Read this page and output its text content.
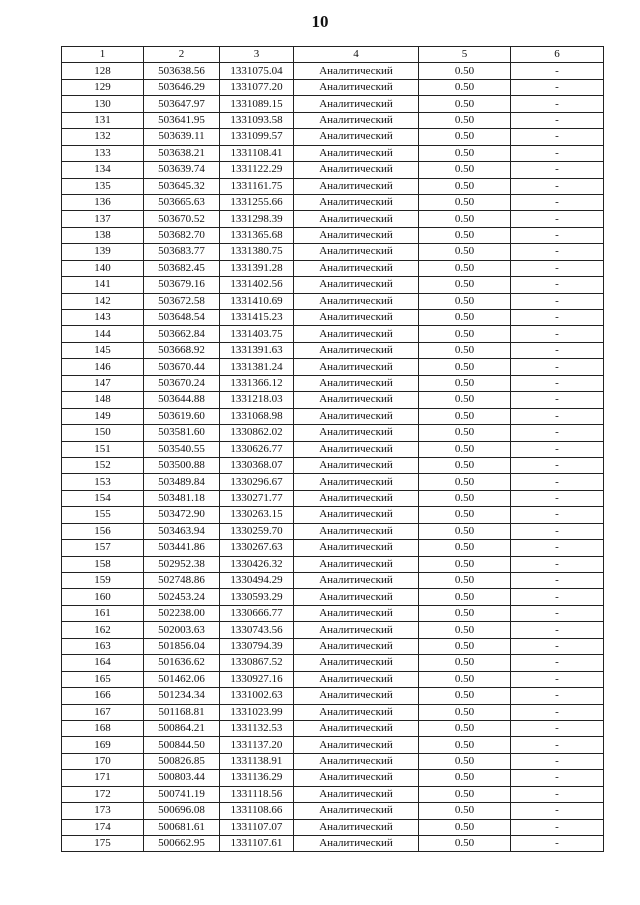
10
1	2	3	4	5	6
128	503638.56	1331075.04	Аналитический	0.50	-
129	503646.29	1331077.20	Аналитический	0.50	-
130	503647.97	1331089.15	Аналитический	0.50	-
131	503641.95	1331093.58	Аналитический	0.50	-
132	503639.11	1331099.57	Аналитический	0.50	-
133	503638.21	1331108.41	Аналитический	0.50	-
134	503639.74	1331122.29	Аналитический	0.50	-
135	503645.32	1331161.75	Аналитический	0.50	-
136	503665.63	1331255.66	Аналитический	0.50	-
137	503670.52	1331298.39	Аналитический	0.50	-
138	503682.70	1331365.68	Аналитический	0.50	-
139	503683.77	1331380.75	Аналитический	0.50	-
140	503682.45	1331391.28	Аналитический	0.50	-
141	503679.16	1331402.56	Аналитический	0.50	-
142	503672.58	1331410.69	Аналитический	0.50	-
143	503648.54	1331415.23	Аналитический	0.50	-
144	503662.84	1331403.75	Аналитический	0.50	-
145	503668.92	1331391.63	Аналитический	0.50	-
146	503670.44	1331381.24	Аналитический	0.50	-
147	503670.24	1331366.12	Аналитический	0.50	-
148	503644.88	1331218.03	Аналитический	0.50	-
149	503619.60	1331068.98	Аналитический	0.50	-
150	503581.60	1330862.02	Аналитический	0.50	-
151	503540.55	1330626.77	Аналитический	0.50	-
152	503500.88	1330368.07	Аналитический	0.50	-
153	503489.84	1330296.67	Аналитический	0.50	-
154	503481.18	1330271.77	Аналитический	0.50	-
155	503472.90	1330263.15	Аналитический	0.50	-
156	503463.94	1330259.70	Аналитический	0.50	-
157	503441.86	1330267.63	Аналитический	0.50	-
158	502952.38	1330426.32	Аналитический	0.50	-
159	502748.86	1330494.29	Аналитический	0.50	-
160	502453.24	1330593.29	Аналитический	0.50	-
161	502238.00	1330666.77	Аналитический	0.50	-
162	502003.63	1330743.56	Аналитический	0.50	-
163	501856.04	1330794.39	Аналитический	0.50	-
164	501636.62	1330867.52	Аналитический	0.50	-
165	501462.06	1330927.16	Аналитический	0.50	-
166	501234.34	1331002.63	Аналитический	0.50	-
167	501168.81	1331023.99	Аналитический	0.50	-
168	500864.21	1331132.53	Аналитический	0.50	-
169	500844.50	1331137.20	Аналитический	0.50	-
170	500826.85	1331138.91	Аналитический	0.50	-
171	500803.44	1331136.29	Аналитический	0.50	-
172	500741.19	1331118.56	Аналитический	0.50	-
173	500696.08	1331108.66	Аналитический	0.50	-
174	500681.61	1331107.07	Аналитический	0.50	-
175	500662.95	1331107.61	Аналитический	0.50	-
